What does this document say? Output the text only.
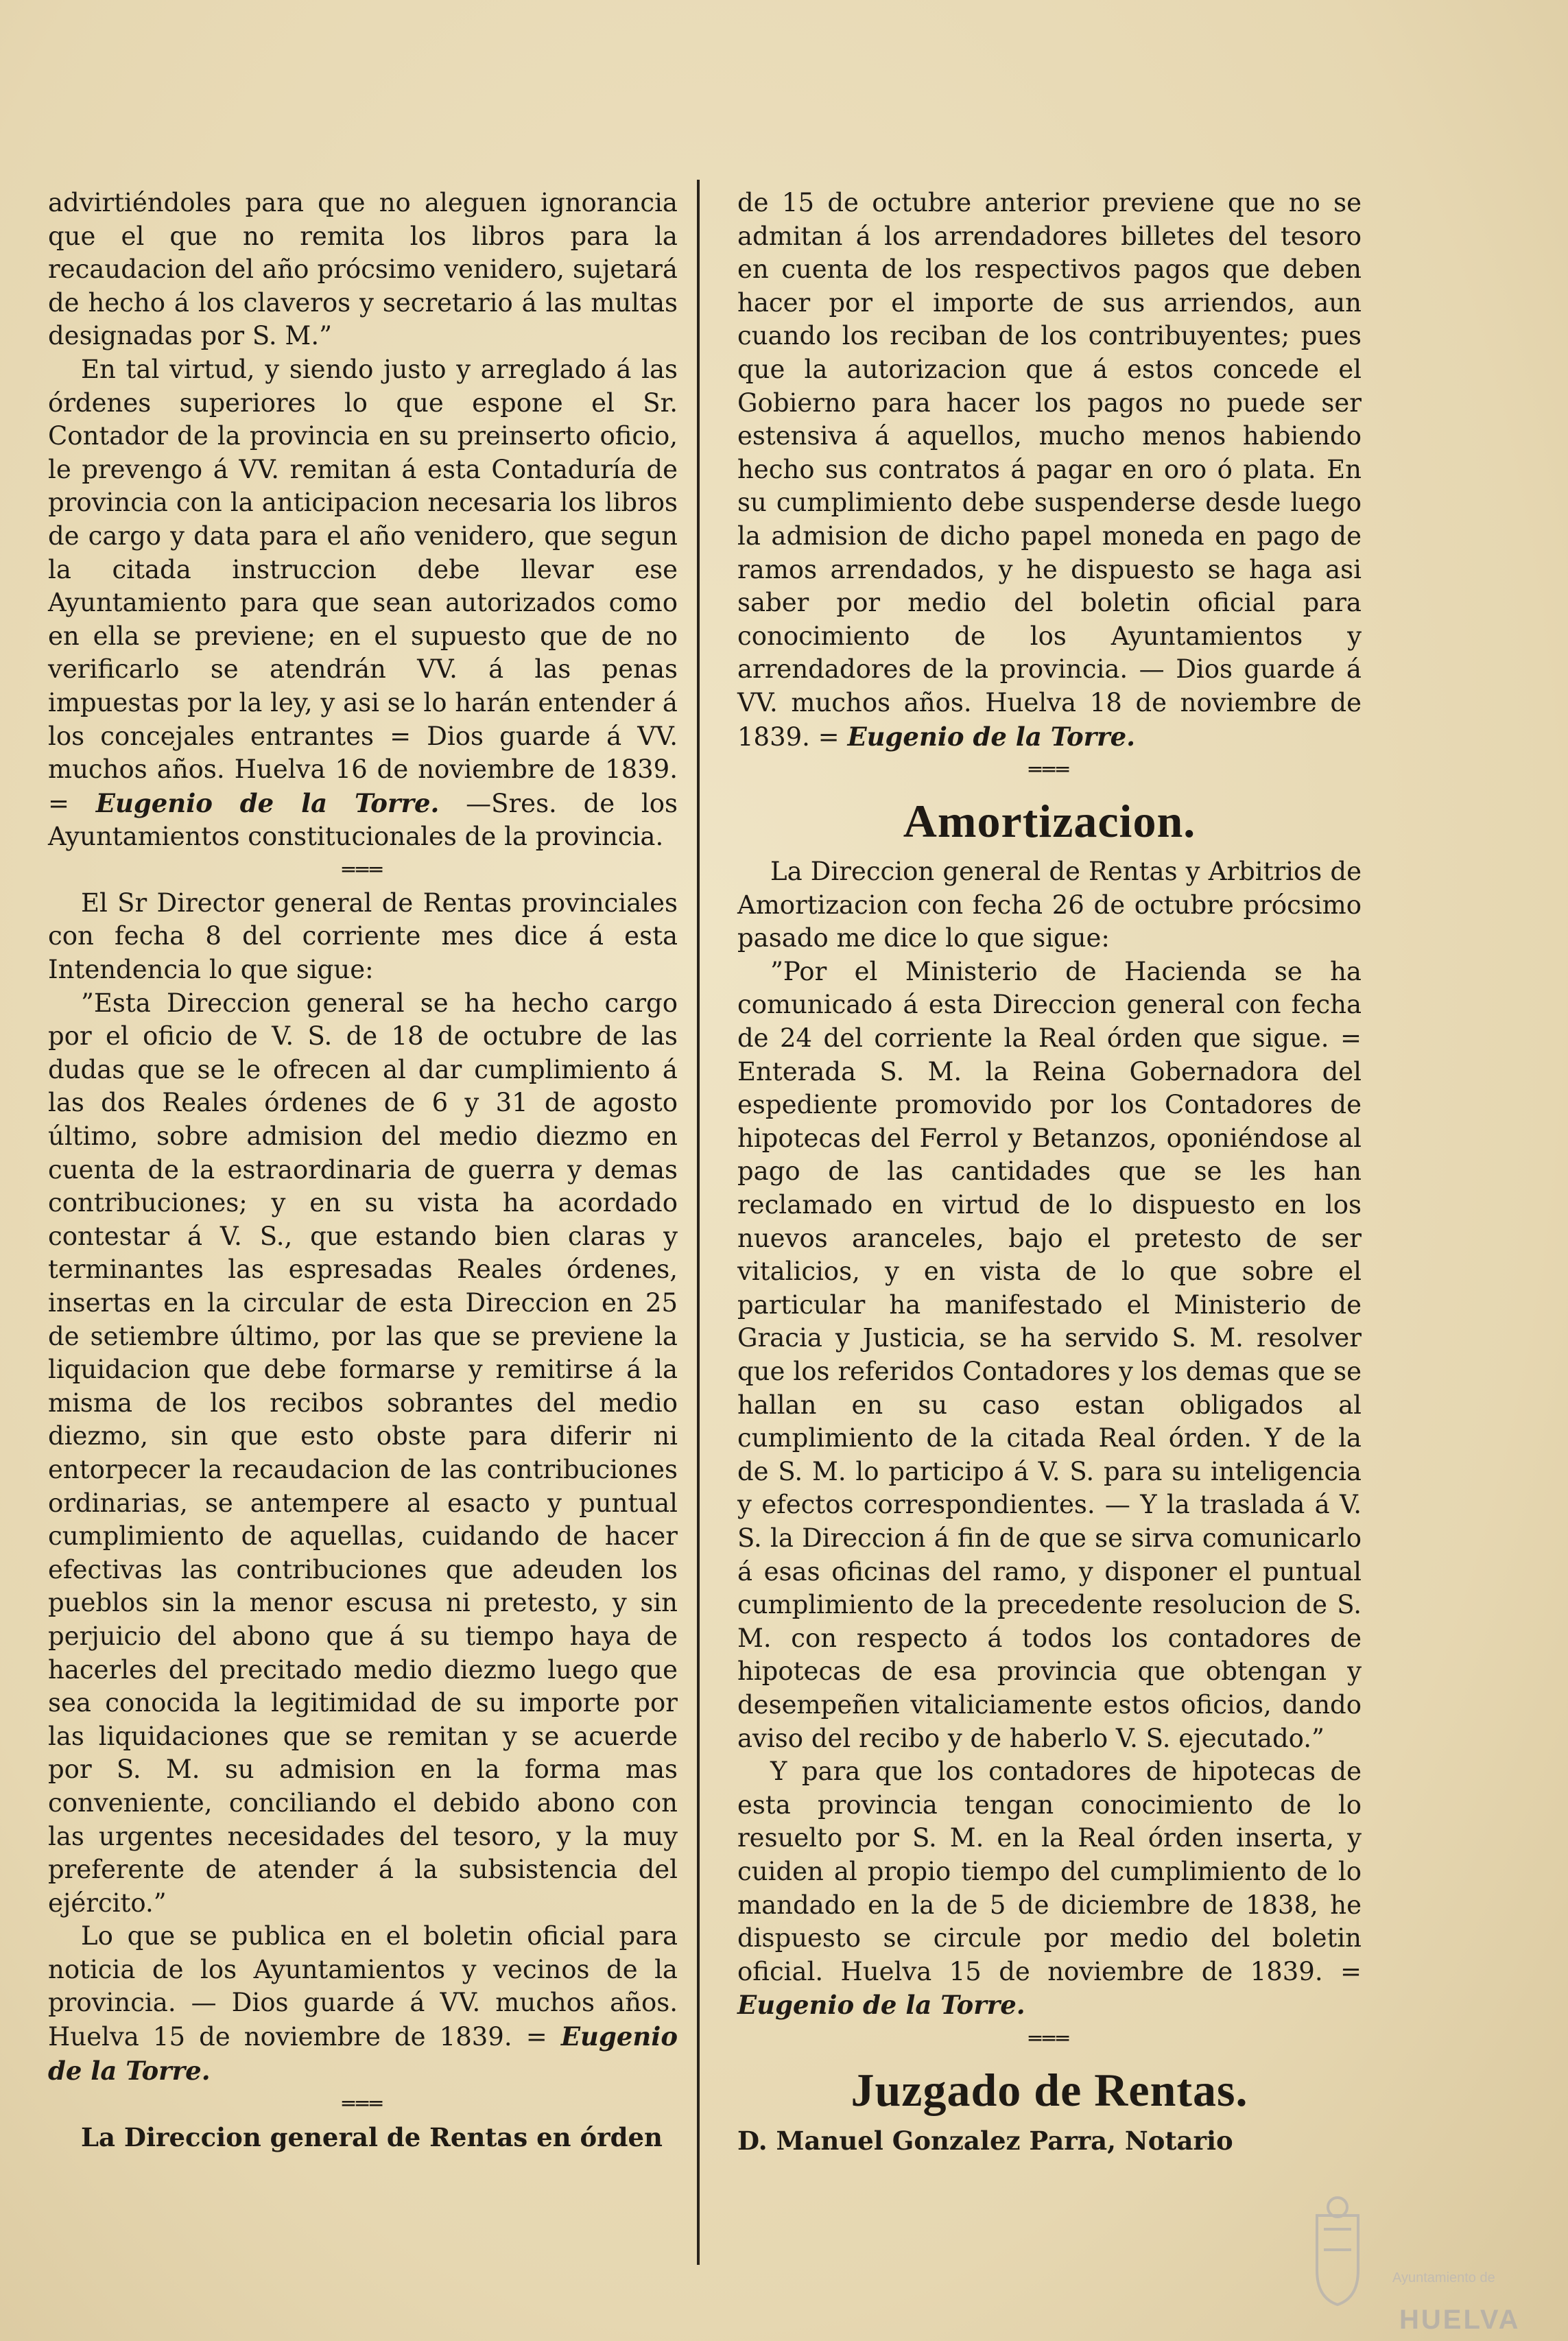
advirtiéndoles para que no aleguen ignorancia que el que no remita los libros para la recaudacion del año prócsimo venidero, sujetará de hecho á los claveros y secretario á las multas designadas por S. M.”

En tal virtud, y siendo justo y arreglado á las órdenes superiores lo que espone el Sr. Contador de la provincia en su preinserto oficio, le prevengo á VV. remitan á esta Contaduría de provincia con la anticipacion necesaria los libros de cargo y data para el año venidero, que segun la citada instruccion debe llevar ese Ayuntamiento para que sean autorizados como en ella se previene; en el supuesto que de no verificarlo se atendrán VV. á las penas impuestas por la ley, y asi se lo harán entender á los concejales entrantes = Dios guarde á VV. muchos años. Huelva 16 de noviembre de 1839. = Eugenio de la Torre. —Sres. de los Ayuntamientos constitucionales de la provincia.

═══

El Sr Director general de Rentas provinciales con fecha 8 del corriente mes dice á esta Intendencia lo que sigue:

”Esta Direccion general se ha hecho cargo por el oficio de V. S. de 18 de octubre de las dudas que se le ofrecen al dar cumplimiento á las dos Reales órdenes de 6 y 31 de agosto último, sobre admision del medio diezmo en cuenta de la estraordinaria de guerra y demas contribuciones; y en su vista ha acordado contestar á V. S., que estando bien claras y terminantes las espresadas Reales órdenes, insertas en la circular de esta Direccion en 25 de setiembre último, por las que se previene la liquidacion que debe formarse y remitirse á la misma de los recibos sobrantes del medio diezmo, sin que esto obste para diferir ni entorpecer la recaudacion de las contribuciones ordinarias, se antempere al esacto y puntual cumplimiento de aquellas, cuidando de hacer efectivas las contribuciones que adeuden los pueblos sin la menor escusa ni pretesto, y sin perjuicio del abono que á su tiempo haya de hacerles del precitado medio diezmo luego que sea conocida la legitimidad de su importe por las liquidaciones que se remitan y se acuerde por S. M. su admision en la forma mas conveniente, conciliando el debido abono con las urgentes necesidades del tesoro, y la muy preferente de atender á la subsistencia del ejército.”

Lo que se publica en el boletin oficial para noticia de los Ayuntamientos y vecinos de la provincia. — Dios guarde á VV. muchos años. Huelva 15 de noviembre de 1839. = Eugenio de la Torre.

═══

La Direccion general de Rentas en órden

de 15 de octubre anterior previene que no se admitan á los arrendadores billetes del tesoro en cuenta de los respectivos pagos que deben hacer por el importe de sus arriendos, aun cuando los reciban de los contribuyentes; pues que la autorizacion que á estos concede el Gobierno para hacer los pagos no puede ser estensiva á aquellos, mucho menos habiendo hecho sus contratos á pagar en oro ó plata. En su cumplimiento debe suspenderse desde luego la admision de dicho papel moneda en pago de ramos arrendados, y he dispuesto se haga asi saber por medio del boletin oficial para conocimiento de los Ayuntamientos y arrendadores de la provincia. — Dios guarde á VV. muchos años. Huelva 18 de noviembre de 1839. = Eugenio de la Torre.

═══
Amortizacion.

La Direccion general de Rentas y Arbitrios de Amortizacion con fecha 26 de octubre prócsimo pasado me dice lo que sigue:

”Por el Ministerio de Hacienda se ha comunicado á esta Direccion general con fecha de 24 del corriente la Real órden que sigue. = Enterada S. M. la Reina Gobernadora del espediente promovido por los Contadores de hipotecas del Ferrol y Betanzos, oponiéndose al pago de las cantidades que se les han reclamado en virtud de lo dispuesto en los nuevos aranceles, bajo el pretesto de ser vitalicios, y en vista de lo que sobre el particular ha manifestado el Ministerio de Gracia y Justicia, se ha servido S. M. resolver que los referidos Contadores y los demas que se hallan en su caso estan obligados al cumplimiento de la citada Real órden. Y de la de S. M. lo participo á V. S. para su inteligencia y efectos correspondientes. — Y la traslada á V. S. la Direccion á fin de que se sirva comunicarlo á esas oficinas del ramo, y disponer el puntual cumplimiento de la precedente resolucion de S. M. con respecto á todos los contadores de hipotecas de esa provincia que obtengan y desempeñen vitaliciamente estos oficios, dando aviso del recibo y de haberlo V. S. ejecutado.”

Y para que los contadores de hipotecas de esta provincia tengan conocimiento de lo resuelto por S. M. en la Real órden inserta, y cuiden al propio tiempo del cumplimiento de lo mandado en la de 5 de diciembre de 1838, he dispuesto se circule por medio del boletin oficial. Huelva 15 de noviembre de 1839. = Eugenio de la Torre.

═══
Juzgado de Rentas.

D. Manuel Gonzalez Parra, Notario

Ayuntamiento de
HUELVA
